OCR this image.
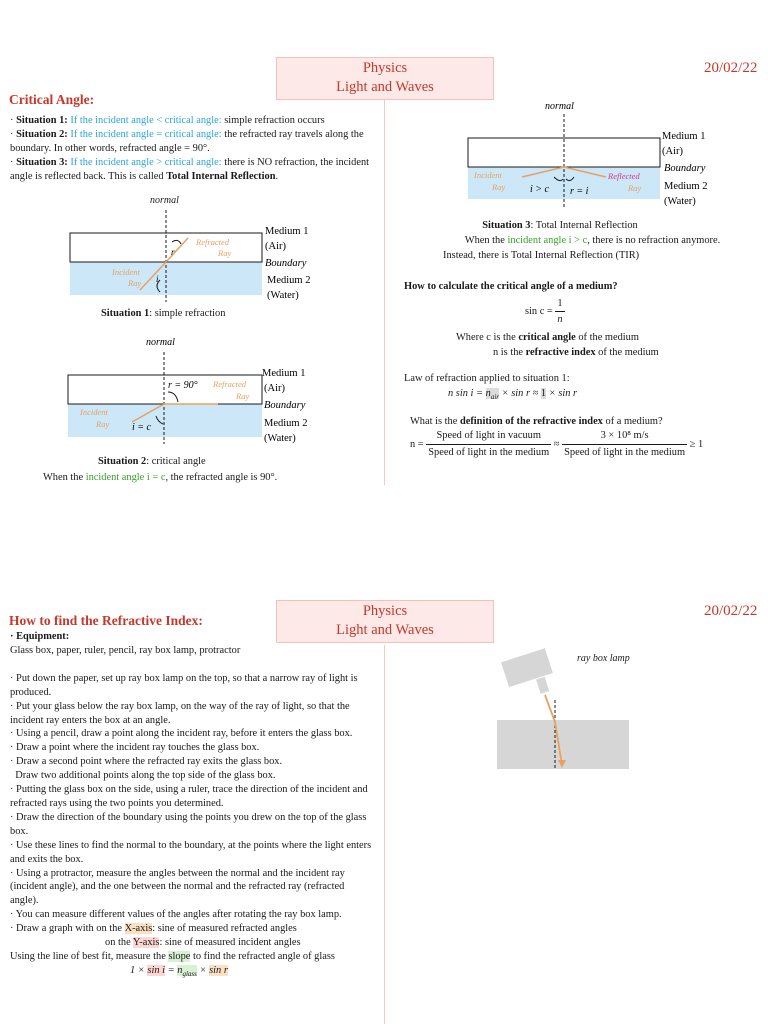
Physics
Light and Waves
20/02/22
Critical Angle:
· Situation 1: If the incident angle < critical angle: simple refraction occurs
· Situation 2: If the incident angle = critical angle: the refracted ray travels along the boundary. In other words, refracted angle = 90°.
· Situation 3: If the incident angle > critical angle: there is NO refraction, the incident angle is reflected back. This is called Total Internal Reflection.
normal
r
i
Refracted
Ray
Incident
Ray
Medium 1
(Air)
Boundary
Medium 2
(Water)
Situation 1: simple refraction
normal
r = 90°
i = c
Refracted
Ray
Incident
Ray
Medium 1
(Air)
Boundary
Medium 2
(Water)
Situation 2: critical angle
When the incident angle i = c, the refracted angle is 90°.
normal
i > c r = i
Incident
Ray
Reflected
Ray
Medium 1
(Air)
Boundary
Medium 2
(Water)
Situation 3: Total Internal Reflection
When the incident angle i > c, there is no refraction anymore.
Instead, there is Total Internal Reflection (TIR)
How to calculate the critical angle of a medium?
$\sin c = \frac{1}{n}$
Where c is the critical angle of the medium
n is the refractive index of the medium
Law of refraction applied to situation 1:
n $\sin i = n_{air} \times \sin r \approx 1 \times \sin r$
What is the definition of the refractive index of a medium?
$n = \frac{\text{Speed of light in vacuum}}{\text{Speed of light in the medium}} \approx \frac{\text{3 × 10⁸ m/s}}{\text{Speed of light in the medium}} \ge 1$
Physics
Light and Waves
20/02/22
How to find the Refractive Index:
· Equipment:
Glass box, paper, ruler, pencil, ray box lamp, protractor
· Put down the paper, set up ray box lamp on the top, so that a narrow ray of light is produced.
· Put your glass below the ray box lamp, on the way of the ray of light, so that the incident ray enters the box at an angle.
· Using a pencil, draw a point along the incident ray, before it enters the glass box.
· Draw a point where the incident ray touches the glass box.
· Draw a second point where the refracted ray exits the glass box.
Draw two additional points along the top side of the glass box.
· Putting the glass box on the side, using a ruler, trace the direction of the incident and refracted rays using the two points you determined.
· Draw the direction of the boundary using the points you drew on the top of the glass box.
· Use these lines to find the normal to the boundary, at the points where the light enters and exits the box.
· Using a protractor, measure the angles between the normal and the incident ray (incident angle), and the one between the normal and the refracted ray (refracted angle).
· You can measure different values of the angles after rotating the ray box lamp.
· Draw a graph with on the X-axis: sine of measured refracted angles
on the Y-axis: sine of measured incident angles
Using the line of best fit, measure the slope to find the refracted angle of glass
$1 \times \sin i = n_{glass} \times \sin r$
ray box lamp
